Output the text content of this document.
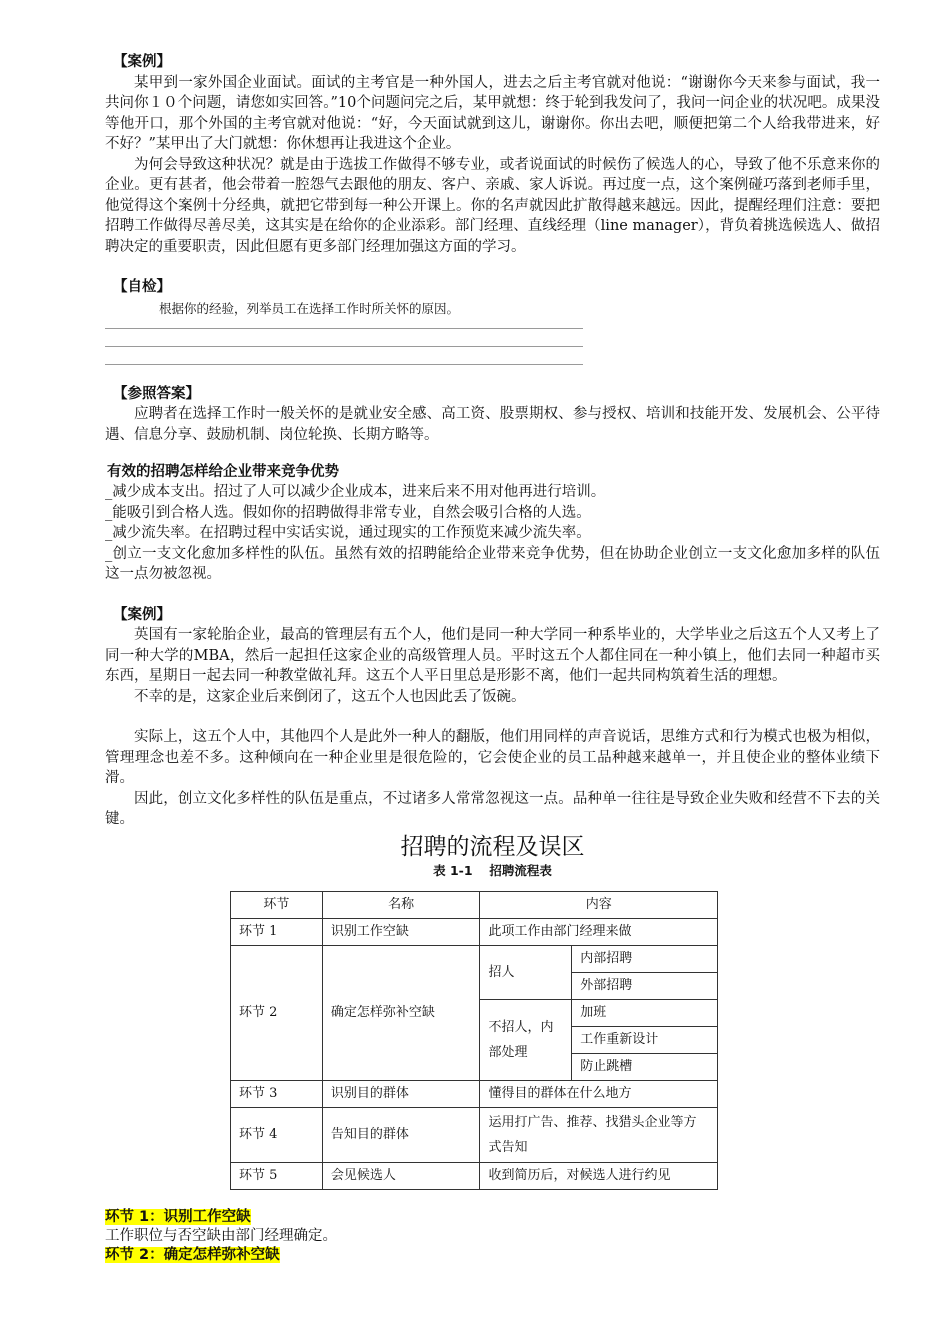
【案例】

某甲到一家外国企业面试。面试的主考官是一种外国人，进去之后主考官就对他说：“谢谢你今天来参与面试，我一共问你１０个问题，请您如实回答。”10个问题问完之后，某甲就想：终于轮到我发问了，我问一问企业的状况吧。成果没等他开口，那个外国的主考官就对他说：“好，今天面试就到这儿，谢谢你。你出去吧，顺便把第二个人给我带进来，好不好？”某甲出了大门就想：你休想再让我进这个企业。

为何会导致这种状况？就是由于选拔工作做得不够专业，或者说面试的时候伤了候选人的心，导致了他不乐意来你的企业。更有甚者，他会带着一腔怨气去跟他的朋友、客户、亲戚、家人诉说。再过度一点，这个案例碰巧落到老师手里，他觉得这个案例十分经典，就把它带到每一种公开课上。你的名声就因此扩散得越来越远。因此，提醒经理们注意：要把招聘工作做得尽善尽美，这其实是在给你的企业添彩。部门经理、直线经理（line manager），背负着挑选候选人、做招聘决定的重要职责，因此但愿有更多部门经理加强这方面的学习。

【自检】

根据你的经验，列举员工在选择工作时所关怀的原因。

【参照答案】

应聘者在选择工作时一般关怀的是就业安全感、高工资、股票期权、参与授权、培训和技能开发、发展机会、公平待遇、信息分享、鼓励机制、岗位轮换、长期方略等。

有效的招聘怎样给企业带来竞争优势

_减少成本支出。招过了人可以减少企业成本，进来后来不用对他再进行培训。

_能吸引到合格人选。假如你的招聘做得非常专业，自然会吸引合格的人选。

_减少流失率。在招聘过程中实话实说，通过现实的工作预览来减少流失率。

_创立一支文化愈加多样性的队伍。虽然有效的招聘能给企业带来竞争优势，但在协助企业创立一支文化愈加多样的队伍这一点勿被忽视。

【案例】

英国有一家轮胎企业，最高的管理层有五个人，他们是同一种大学同一种系毕业的，大学毕业之后这五个人又考上了同一种大学的MBA，然后一起担任这家企业的高级管理人员。平时这五个人都住同在一种小镇上，他们去同一种超市买东西，星期日一起去同一种教堂做礼拜。这五个人平日里总是形影不离，他们一起共同构筑着生活的理想。

不幸的是，这家企业后来倒闭了，这五个人也因此丢了饭碗。

实际上，这五个人中，其他四个人是此外一种人的翻版，他们用同样的声音说话，思维方式和行为模式也极为相似，管理理念也差不多。这种倾向在一种企业里是很危险的，它会使企业的员工品种越来越单一，并且使企业的整体业绩下滑。

因此，创立文化多样性的队伍是重点，不过诸多人常常忽视这一点。品种单一往往是导致企业失败和经营不下去的关键。

招聘的流程及误区

表 1-1　 招聘流程表

环节	名称	内容	
环节 1	识别工作空缺	此项工作由部门经理来做	
环节 2	确定怎样弥补空缺	招人	内部招聘
			外部招聘
		不招人，内部处理	加班
			工作重新设计
			防止跳槽
环节 3	识别目的群体	懂得目的群体在什么地方	
环节 4	告知目的群体	运用打广告、推荐、找猎头企业等方式告知	
环节 5	会见候选人	收到简历后，对候选人进行约见	

环节 1：识别工作空缺

工作职位与否空缺由部门经理确定。

环节 2：确定怎样弥补空缺
